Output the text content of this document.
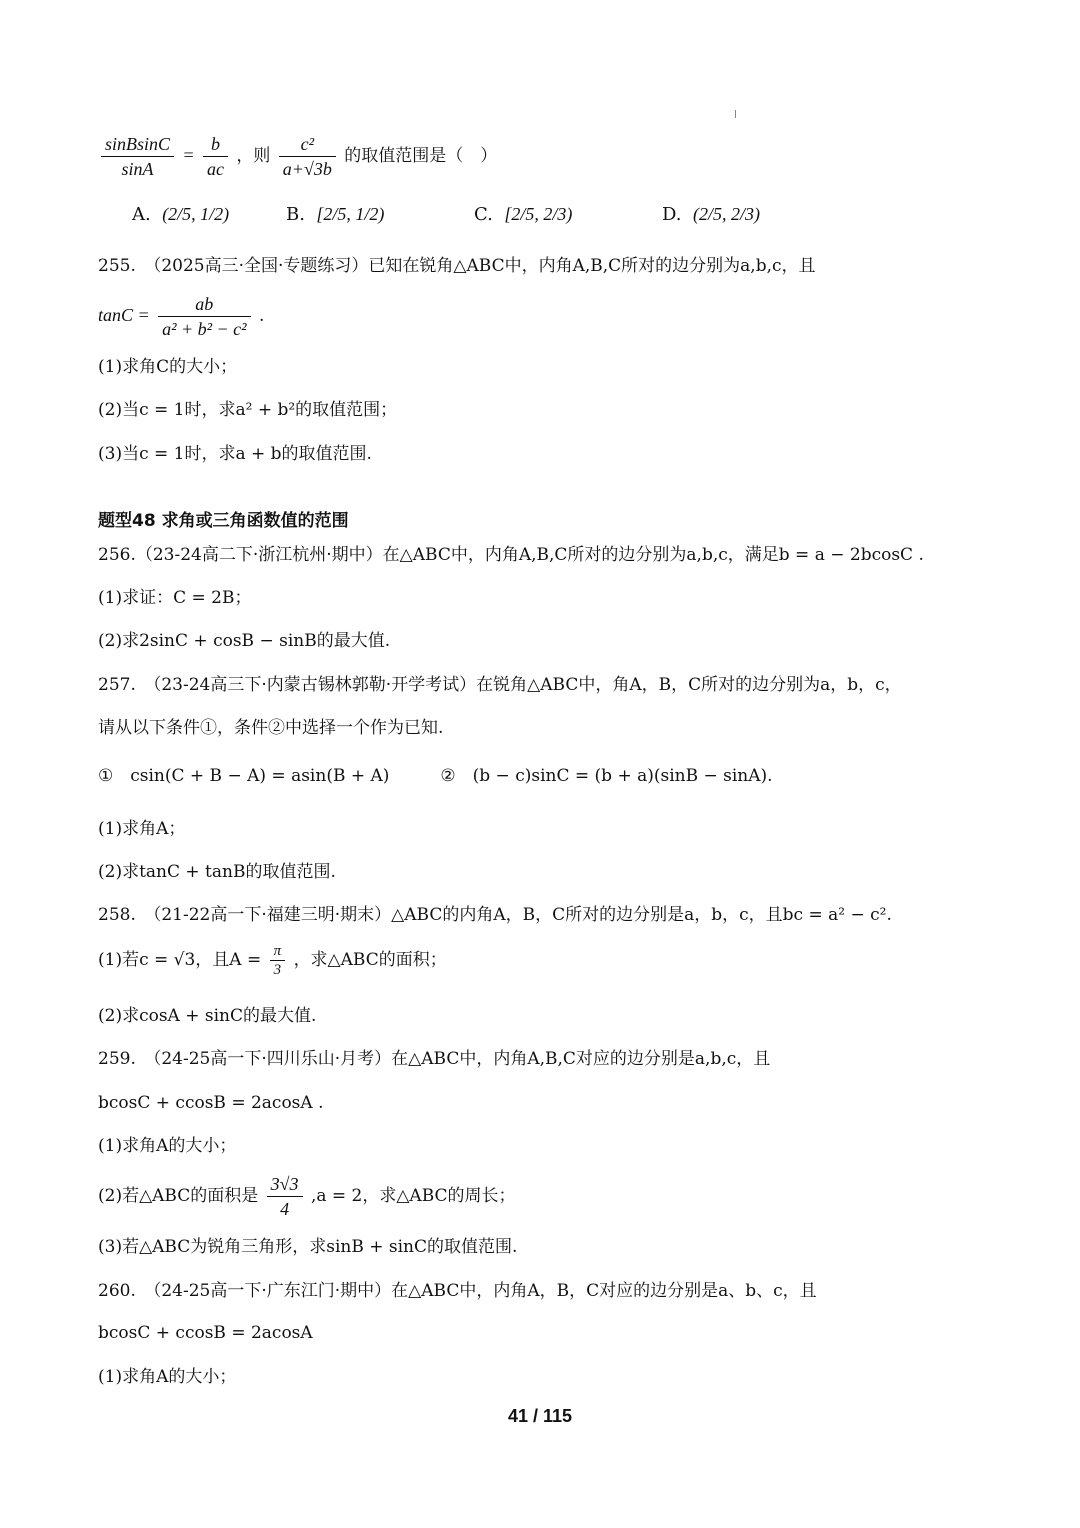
$\frac{\text{sinBsinC}}{\sin A} = \frac{b}{ac}$ ，则 $\frac{\text{c²}}{a+√3b}$ 的取值范围是（　）
A.
(2/5, 1/2)	B.
[2/5, 1/2)	C.
[2/5, 2/3)	D.
(2/5, 2/3)
255.　（2025高三·全国·专题练习）已知在锐角△ABC中，内角A,B,C所对的边分别为a,b,c，且
$\tan C = \frac{ab}{\text{a² + b² − c²}}$ .
(1)求角C的大小；
(2)当c = 1时，求a² + b²的取值范围；
(3)当c = 1时，求a + b的取值范围.
题型48 求角或三角函数值的范围
256.（23-24高二下·浙江杭州·期中）在△ABC中，内角A,B,C所对的边分别为a,b,c，满足b = a − 2bcosC .
(1)求证：C = 2B；
(2)求2sinC + cosB − sinB的最大值.
257.　（23-24高三下·内蒙古锡林郭勒·开学考试）在锐角△ABC中，角A，B，C所对的边分别为a，b，c，
请从以下条件①，条件②中选择一个作为已知.
①　csin(C + B − A) = asin(B + A)　　　②　(b − c)sinC = (b + a)(sinB − sinA).
(1)求角A；
(2)求tanC + tanB的取值范围.
258.　（21-22高一下·福建三明·期末）△ABC的内角A，B，C所对的边分别是a，b，c，且bc = a² − c².
(1)若c = √3，且$A = \frac{\pi}{3}$ ，求△ABC的面积；
(2)求cosA + sinC的最大值.
259.　（24-25高一下·四川乐山·月考）在△ABC中，内角A,B,C对应的边分别是a,b,c，且
bcosC + ccosB = 2acosA .
(1)求角A的大小；
(2)若△ABC的面积是 $\frac{3√3}{4} ,a = 2$，求△ABC的周长；
(3)若△ABC为锐角三角形，求sinB + sinC的取值范围.
260.　（24-25高一下·广东江门·期中）在△ABC中，内角A，B，C对应的边分别是a、b、c，且
bcosC + ccosB = 2acosA
(1)求角A的大小；
41 / 115
